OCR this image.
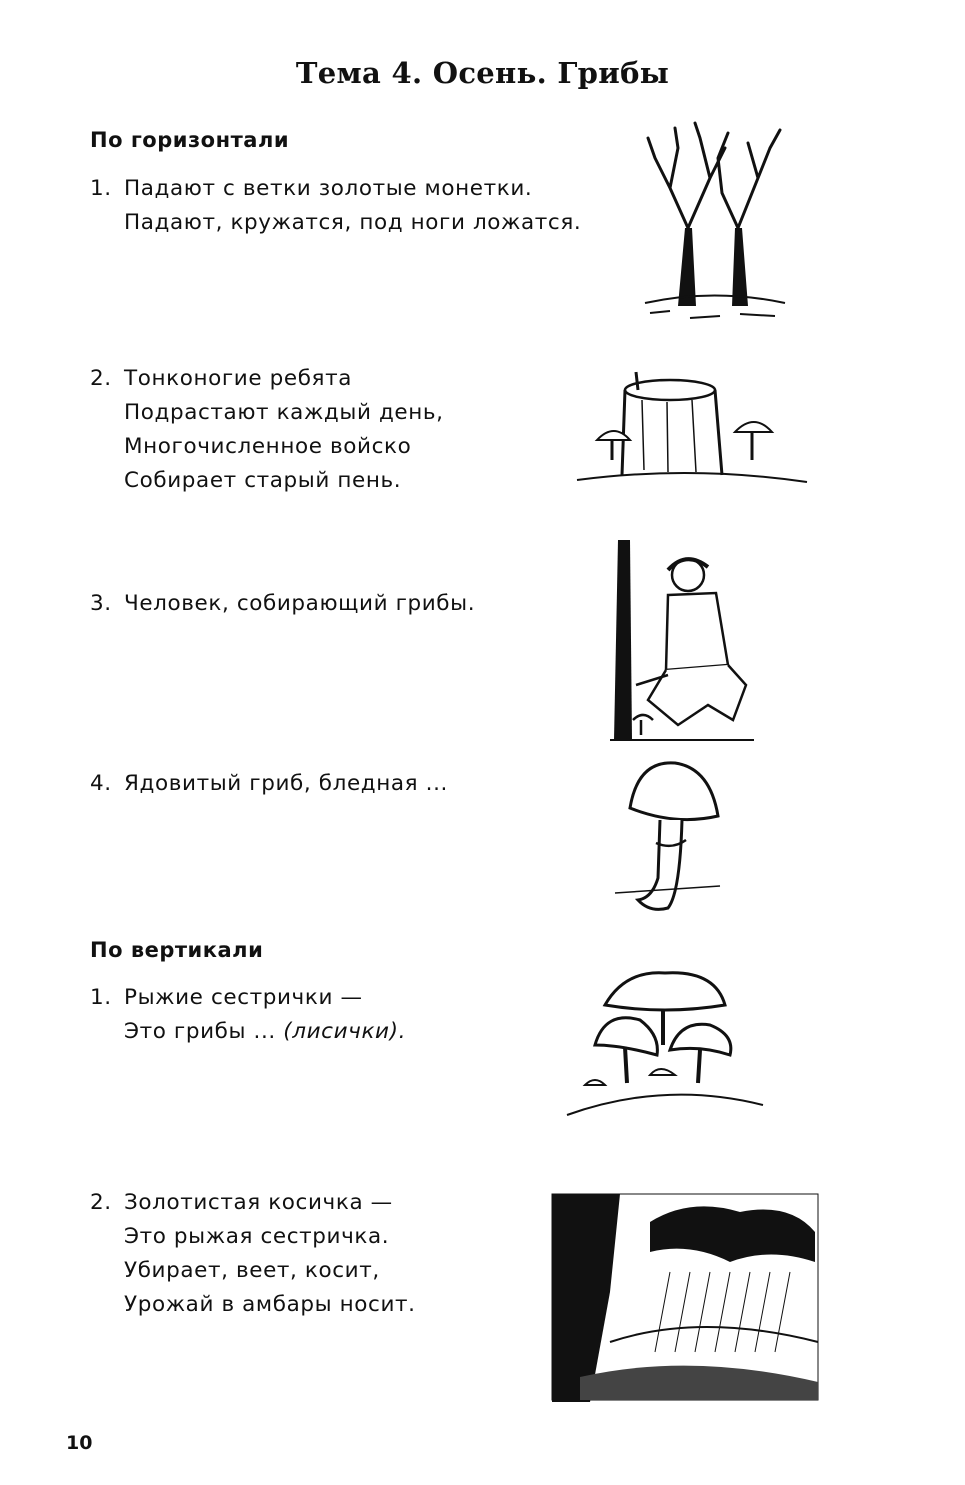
Тема 4. Осень. Грибы
По горизонтали
1. Падают с ветки золотые монетки.
Падают, кружатся, под ноги ложатся.
2. Тонконогие ребята
Подрастают каждый день,
Многочисленное войско
Собирает старый пень.
3. Человек, собирающий грибы.
4. Ядовитый гриб, бледная ...
По вертикали
1. Рыжие сестрички —
Это грибы ... (лисички).
2. Золотистая косичка —
Это рыжая сестричка.
Убирает, веет, косит,
Урожай в амбары носит.
10
